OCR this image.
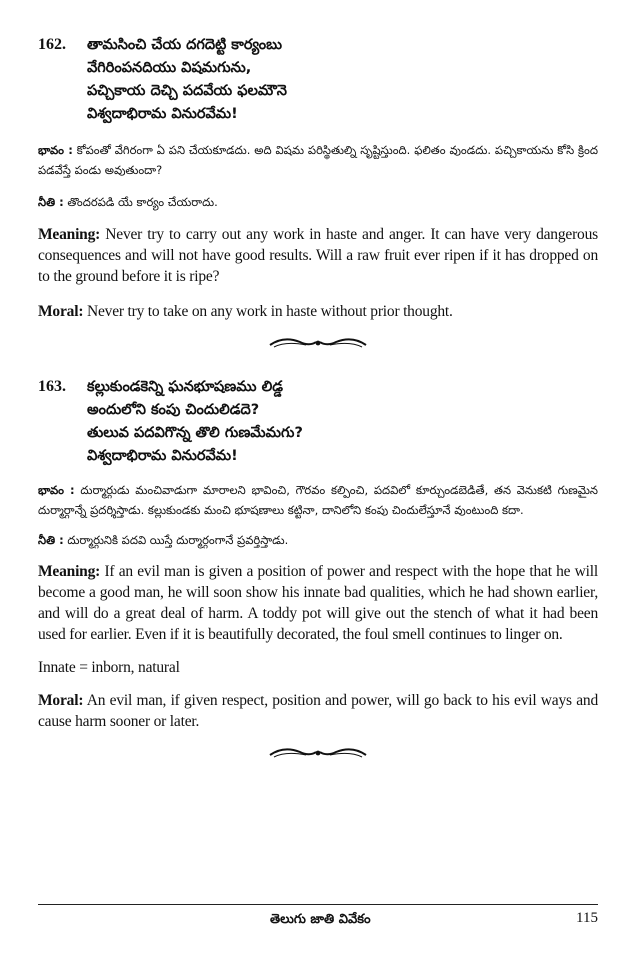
162.	తామసించి చేయ దగదెట్టి కార్యంబు
వేగిరింపనదియు విషమగును,
పచ్చికాయ దెచ్చి పదవేయ ఫలమౌనె
విశ్వదాభిరామ వినురవేమ!

భావం : కోపంతో వేగిరంగా ఏ పని చేయకూడదు. అది విషమ పరిస్థితుల్ని సృష్టిస్తుంది. ఫలితం వుండదు. పచ్చికాయను కోసి క్రింద పడవేస్తే పండు అవుతుందా?

నీతి : తొందరపడి యే కార్యం చేయరాదు.

Meaning: Never try to carry out any work in haste and anger. It can have very dangerous consequences and will not have good results. Will a raw fruit ever ripen if it has dropped on to the ground before it is ripe?

Moral: Never try to take on any work in haste without prior thought.

163.	కల్లుకుండకెన్ని ఘనభూషణము లిడ్డ
అందులోని కంపు చిందులిడదె?
తులువ పదవిగొన్న తొలి గుణమేమగు?
విశ్వదాభిరామ వినురవేమ!

భావం : దుర్మార్గుడు మంచివాడుగా మారాలని భావించి, గౌరవం కల్పించి, పదవిలో కూర్చుండబెడితే, తన వెనుకటి గుణమైన దుర్మార్గాన్నే ప్రదర్శిస్తాడు. కల్లుకుండకు మంచి భూషణాలు కట్టినా, దానిలోని కంపు చిందులేస్తూనే వుంటుంది కదా.

నీతి : దుర్మార్గునికి పదవి యిస్తే దుర్మార్గంగానే ప్రవర్తిస్తాడు.

Meaning: If an evil man is given a position of power and respect with the hope that he will become a good man, he will soon show his innate bad qualities, which he had shown earlier, and will do a great deal of harm. A toddy pot will give out the stench of what it had been used for earlier. Even if it is beautifully decorated, the foul smell continues to linger on.

Innate = inborn, natural

Moral: An evil man, if given respect, position and power, will go back to his evil ways and cause harm sooner or later.

తెలుగు జాతి వివేకం	115
